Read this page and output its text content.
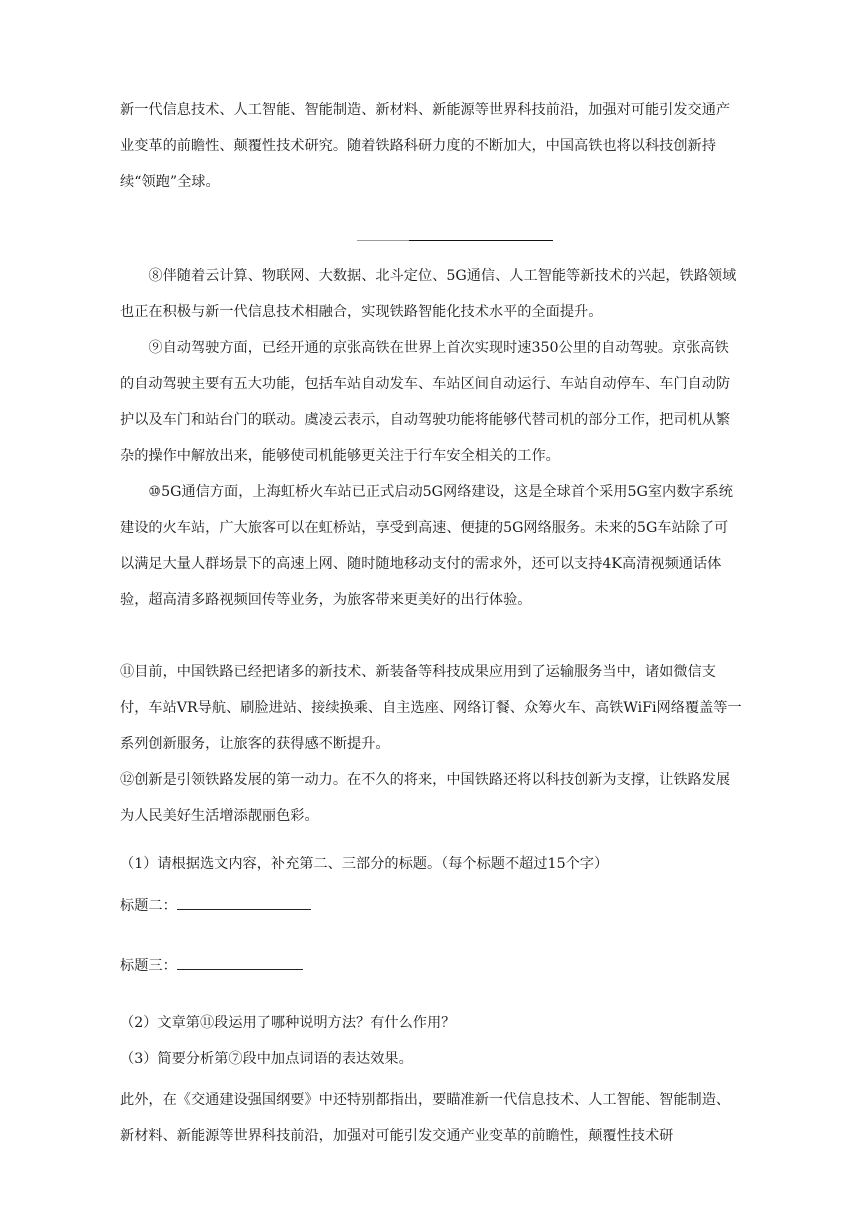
新一代信息技术、人工智能、智能制造、新材料、新能源等世界科技前沿，加强对可能引发交通产业变革的前瞻性、颠覆性技术研究。随着铁路科研力度的不断加大，中国高铁也将以科技创新持续“领跑”全球。

⑧伴随着云计算、物联网、大数据、北斗定位、5G通信、人工智能等新技术的兴起，铁路领域也正在积极与新一代信息技术相融合，实现铁路智能化技术水平的全面提升。

⑨自动驾驶方面，已经开通的京张高铁在世界上首次实现时速350公里的自动驾驶。京张高铁的自动驾驶主要有五大功能，包括车站自动发车、车站区间自动运行、车站自动停车、车门自动防护以及车门和站台门的联动。虞凌云表示，自动驾驶功能将能够代替司机的部分工作，把司机从繁杂的操作中解放出来，能够使司机能够更关注于行车安全相关的工作。

⑩5G通信方面，上海虹桥火车站已正式启动5G网络建设，这是全球首个采用5G室内数字系统建设的火车站，广大旅客可以在虹桥站，享受到高速、便捷的5G网络服务。未来的5G车站除了可以满足大量人群场景下的高速上网、随时随地移动支付的需求外，还可以支持4K高清视频通话体验，超高清多路视频回传等业务，为旅客带来更美好的出行体验。

⑪目前，中国铁路已经把诸多的新技术、新装备等科技成果应用到了运输服务当中，诸如微信支付，车站VR导航、刷脸进站、接续换乘、自主选座、网络订餐、众筹火车、高铁WiFi网络覆盖等一系列创新服务，让旅客的获得感不断提升。

⑫创新是引领铁路发展的第一动力。在不久的将来，中国铁路还将以科技创新为支撑，让铁路发展为人民美好生活增添靓丽色彩。

（1）请根据选文内容，补充第二、三部分的标题。（每个标题不超过15个字）

标题二：

标题三：

（2）文章第⑪段运用了哪种说明方法？有什么作用？

（3）简要分析第⑦段中加点词语的表达效果。

此外，在《交通建设强国纲要》中还特别都指出，要瞄准新一代信息技术、人工智能、智能制造、新材料、新能源等世界科技前沿，加强对可能引发交通产业变革的前瞻性，颠覆性技术研
